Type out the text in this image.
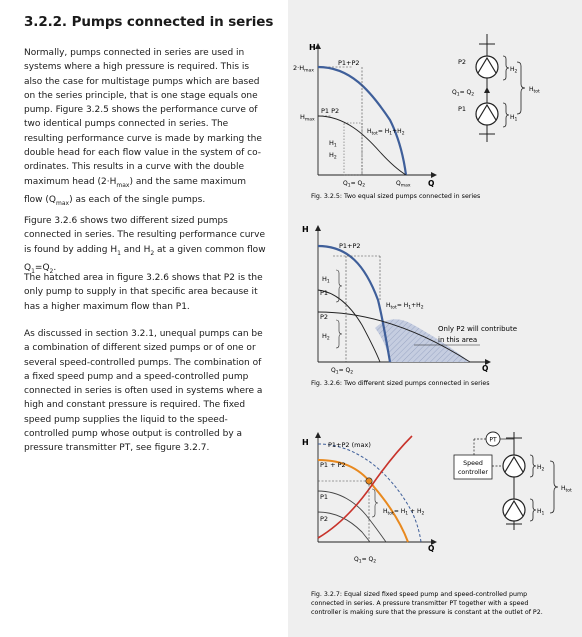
3.2.2. Pumps connected in series

Normally, pumps connected in series are used in systems where a high pressure is required. This is also the case for multistage pumps which are based on the series principle, that is one stage equals one pump. Figure 3.2.5 shows the performance curve of two identical pumps connected in series. The resulting performance curve is made by marking the double head for each flow value in the system of co-ordinates. This results in a curve with the double maximum head $(2\cdot H_{max})$ and the same maximum flow $(Q_{max})$ as each of the single pumps.

Figure 3.2.6 shows two different sized pumps connected in series. The resulting performance curve is found by adding $H_1$ and $H_2$ at a given common flow $Q_1=Q_2$.

The hatched area in figure 3.2.6 shows that P2 is the only pump to supply in that specific area because it has a higher maximum flow than P1.

As discussed in section 3.2.1, unequal pumps can be a combination of different sized pumps or of one or several speed-controlled pumps. The combination of a fixed speed pump and a speed-controlled pump connected in series is often used in systems where a high and constant pressure is required. The fixed speed pump supplies the liquid to the speed-controlled pump whose output is controlled by a pressure transmitter PT, see figure 3.2.7.

H
Q
$2\cdot H_{max}$
$H_{max}$
P1+P2
P1 P2
$H_{tot}= H_1+H_2$
$H_1$
$H_2$
$Q_1= Q_2$	$Q_{max}$
Fig. 3.2.5: Two equal sized pumps connected in series
P2
P1
$Q_1= Q_2$
$H_2$
$H_1$
$H_{tot}$
H
Q
P1+P2
$H_1$
P1
P2
$H_2$
$H_{tot}= H_1+H_2$
$Q_1= Q_2$
Only P2 will contribute
in this area
Fig. 3.2.6: Two different sized pumps connected in series
H
Q
P1+P2 (max)
P1 + P2
P1
P2
$H_{tot}= H_1 + H_2$
$Q_1= Q_2$
PT
Speed
controller
$H_2$
$H_1$
$H_{tot}$
Fig. 3.2.7: Equal sized fixed speed pump and speed-controlled pump
connected in series. A pressure transmitter PT together with a speed
controller is making sure that the pressure is constant at the outlet of P2.
